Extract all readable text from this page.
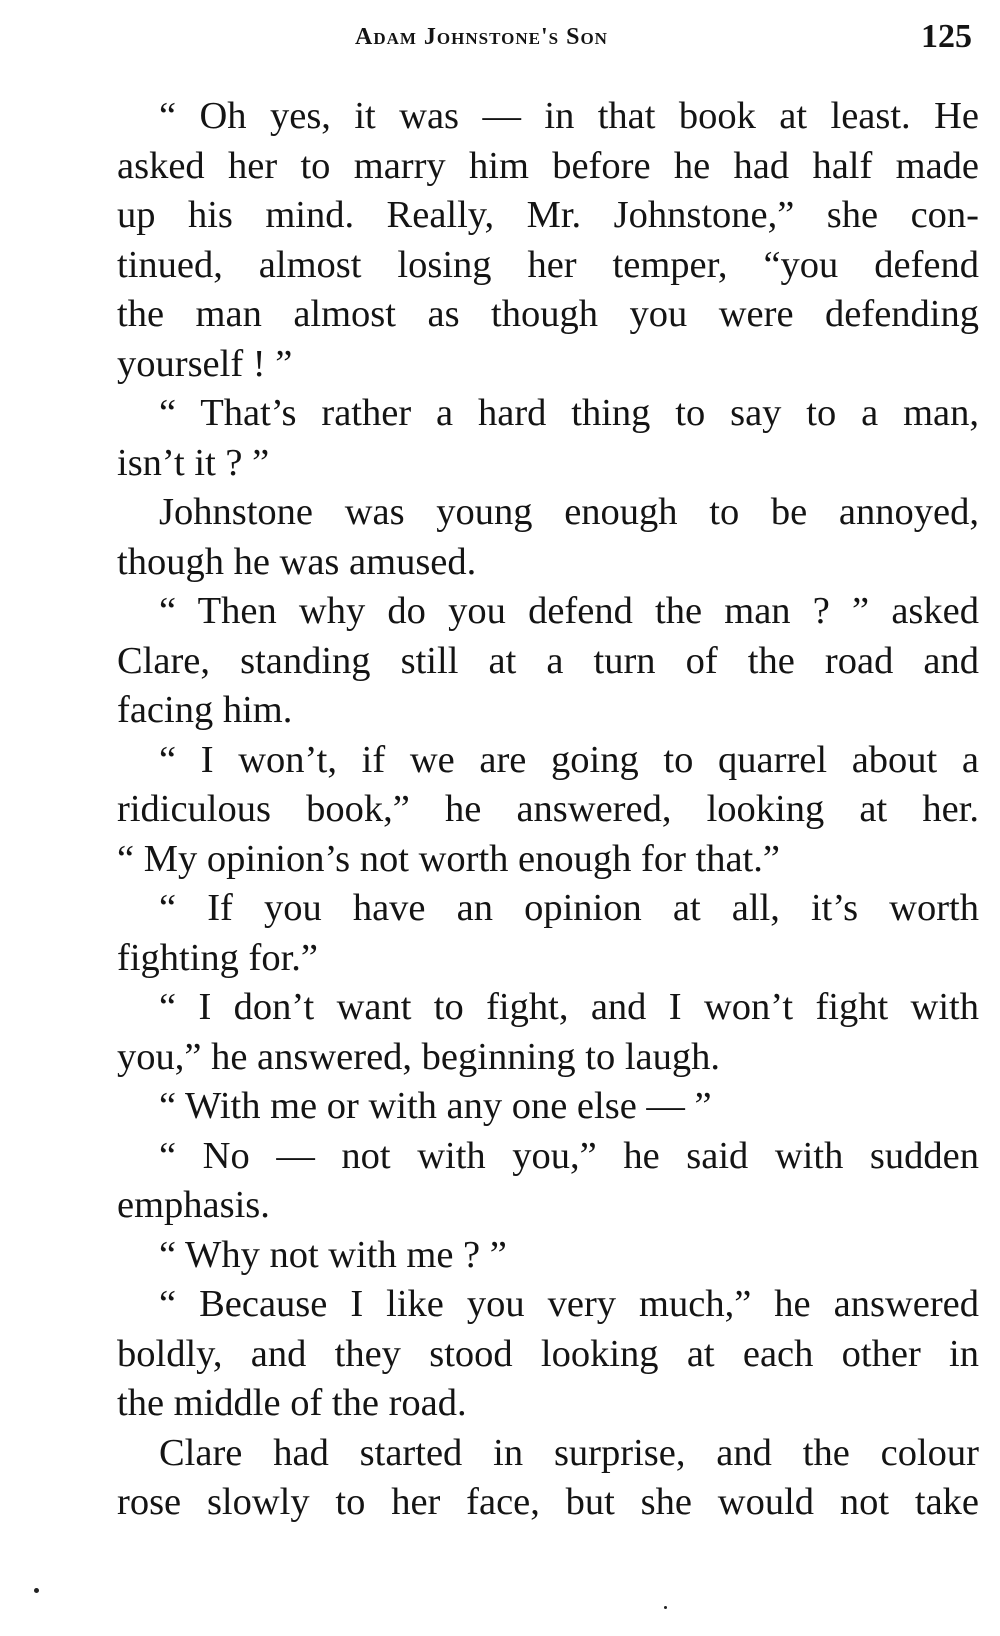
Adam Johnstone's Son	125
“ Oh yes, it was — in that book at least. He
asked her to marry him before he had half made
up his mind. Really, Mr. Johnstone,” she con-
tinued, almost losing her temper, “you defend
the man almost as though you were defending
yourself ! ”
“ That’s rather a hard thing to say to a man,
isn’t it ? ”
Johnstone was young enough to be annoyed,
though he was amused.
“ Then why do you defend the man ? ” asked
Clare, standing still at a turn of the road and
facing him.
“ I won’t, if we are going to quarrel about a
ridiculous book,” he answered, looking at her.
“ My opinion’s not worth enough for that.”
“ If you have an opinion at all, it’s worth
fighting for.”
“ I don’t want to fight, and I won’t fight with
you,” he answered, beginning to laugh.
“ With me or with any one else — ”
“ No — not with you,” he said with sudden
emphasis.
“ Why not with me ? ”
“ Because I like you very much,” he answered
boldly, and they stood looking at each other in
the middle of the road.
Clare had started in surprise, and the colour
rose slowly to her face, but she would not take
